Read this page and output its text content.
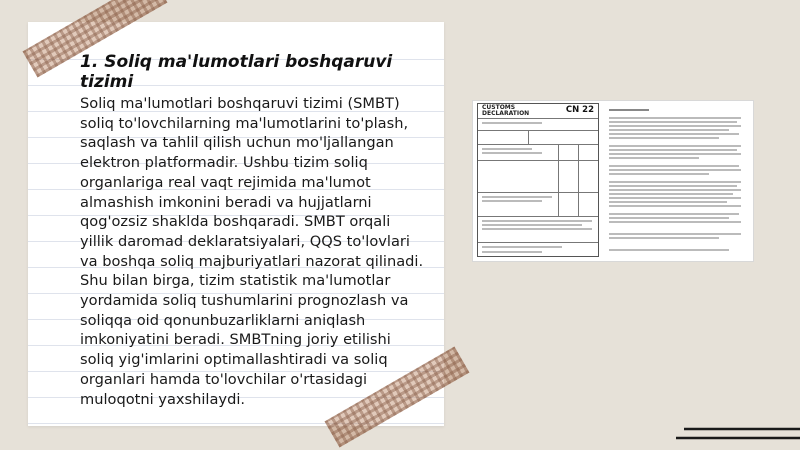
1. Soliq ma'lumotlari boshqaruvi tizimi

Soliq ma'lumotlari boshqaruvi tizimi (SMBT) soliq to'lovchilarning ma'lumotlarini to'plash, saqlash va tahlil qilish uchun mo'ljallangan elektron platformadir. Ushbu tizim soliq organlariga real vaqt rejimida ma'lumot almashish imkonini beradi va hujjatlarni qog'ozsiz shaklda boshqaradi. SMBT orqali yillik daromad deklaratsiyalari, QQS to'lovlari va boshqa soliq majburiyatlari nazorat qilinadi. Shu bilan birga, tizim statistik ma'lumotlar yordamida soliq tushumlarini prognozlash va soliqqa oid qonunbuzarliklarni aniqlash imkoniyatini beradi. SMBTning joriy etilishi soliq yig'imlarini optimallashtiradi va soliq organlari hamda to'lovchilar o'rtasidagi muloqotni yaxshilaydi.

CUSTOMS DECLARATION	CN 22
